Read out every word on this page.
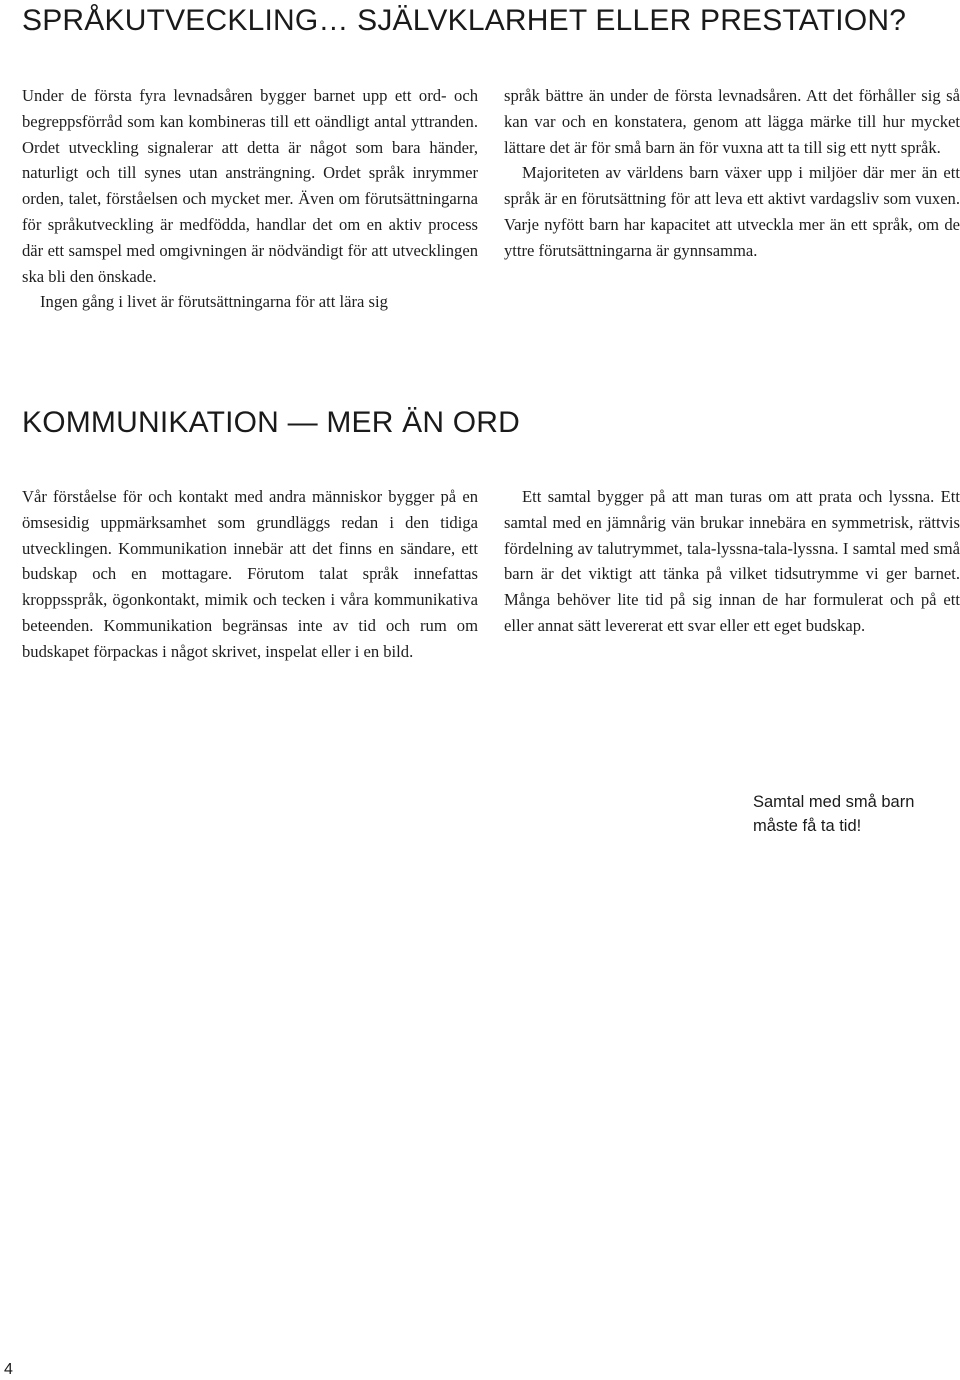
SPRÅKUTVECKLING… SJÄLVKLARHET ELLER PRESTATION?

Under de första fyra levnadsåren bygger barnet upp ett ord- och begreppsförråd som kan kombineras till ett oändligt antal yttranden. Ordet utveckling signalerar att detta är något som bara händer, naturligt och till synes utan ansträngning. Ordet språk inrymmer orden, talet, förståelsen och mycket mer. Även om förutsättningarna för språkutveckling är medfödda, handlar det om en aktiv process där ett samspel med omgivningen är nödvändigt för att utvecklingen ska bli den önskade.

Ingen gång i livet är förutsättningarna för att lära sig

språk bättre än under de första levnadsåren. Att det förhåller sig så kan var och en konstatera, genom att lägga märke till hur mycket lättare det är för små barn än för vuxna att ta till sig ett nytt språk.

Majoriteten av världens barn växer upp i miljöer där mer än ett språk är en förutsättning för att leva ett aktivt vardagsliv som vuxen. Varje nyfött barn har kapacitet att utveckla mer än ett språk, om de yttre förutsättningarna är gynnsamma.

KOMMUNIKATION — MER ÄN ORD

Vår förståelse för och kontakt med andra människor bygger på en ömsesidig uppmärksamhet som grundläggs redan i den tidiga utvecklingen. Kommunikation innebär att det finns en sändare, ett budskap och en mottagare. Förutom talat språk innefattas kroppsspråk, ögonkontakt, mimik och tecken i våra kommunikativa beteenden. Kommunikation begränsas inte av tid och rum om budskapet förpackas i något skrivet, inspelat eller i en bild.

Ett samtal bygger på att man turas om att prata och lyssna. Ett samtal med en jämnårig vän brukar innebära en symmetrisk, rättvis fördelning av talutrymmet, tala-lyssna-tala-lyssna. I samtal med små barn är det viktigt att tänka på vilket tidsutrymme vi ger barnet. Många behöver lite tid på sig innan de har formulerat och på ett eller annat sätt levererat ett svar eller ett eget budskap.

Samtal med små barn
måste få ta tid!
4
